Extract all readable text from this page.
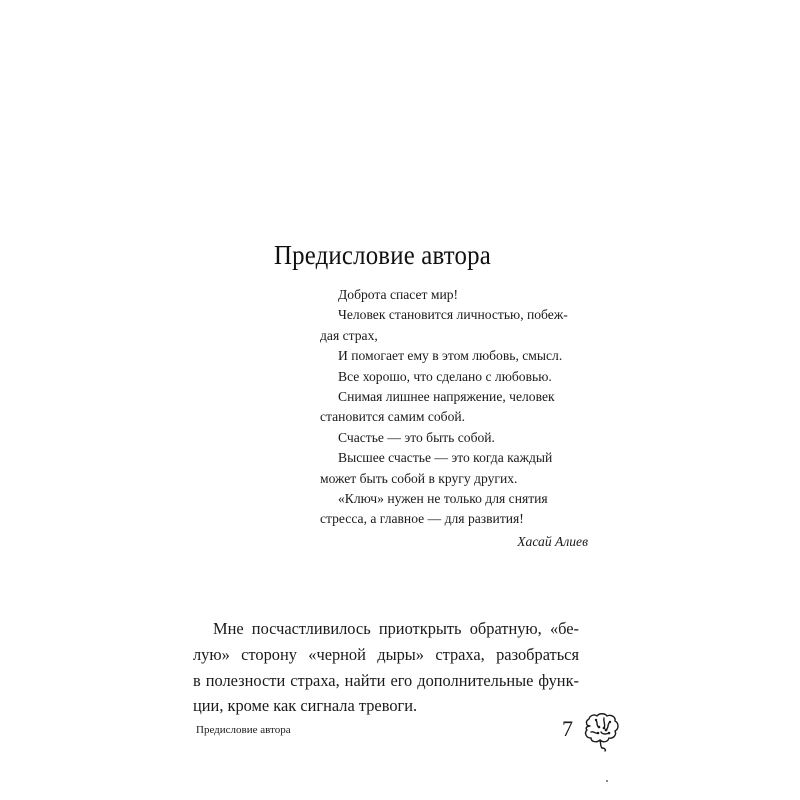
Предисловие автора
Доброта спасет мир!
Человек становится личностью, побеж-
дая страх,
И помогает ему в этом любовь, смысл.
Все хорошо, что сделано с любовью.
Снимая лишнее напряжение, человек
становится самим собой.
Счастье — это быть собой.
Высшее счастье — это когда каждый
может быть собой в кругу других.
«Ключ» нужен не только для снятия
стресса, а главное — для развития!
Хасай Алиев
Мне посчастливилось приоткрыть обратную, «бе-
лую» сторону «черной дыры» страха, разобраться
в полезности страха, найти его дополнительные функ-
ции, кроме как сигнала тревоги.
Предисловие автора	7
